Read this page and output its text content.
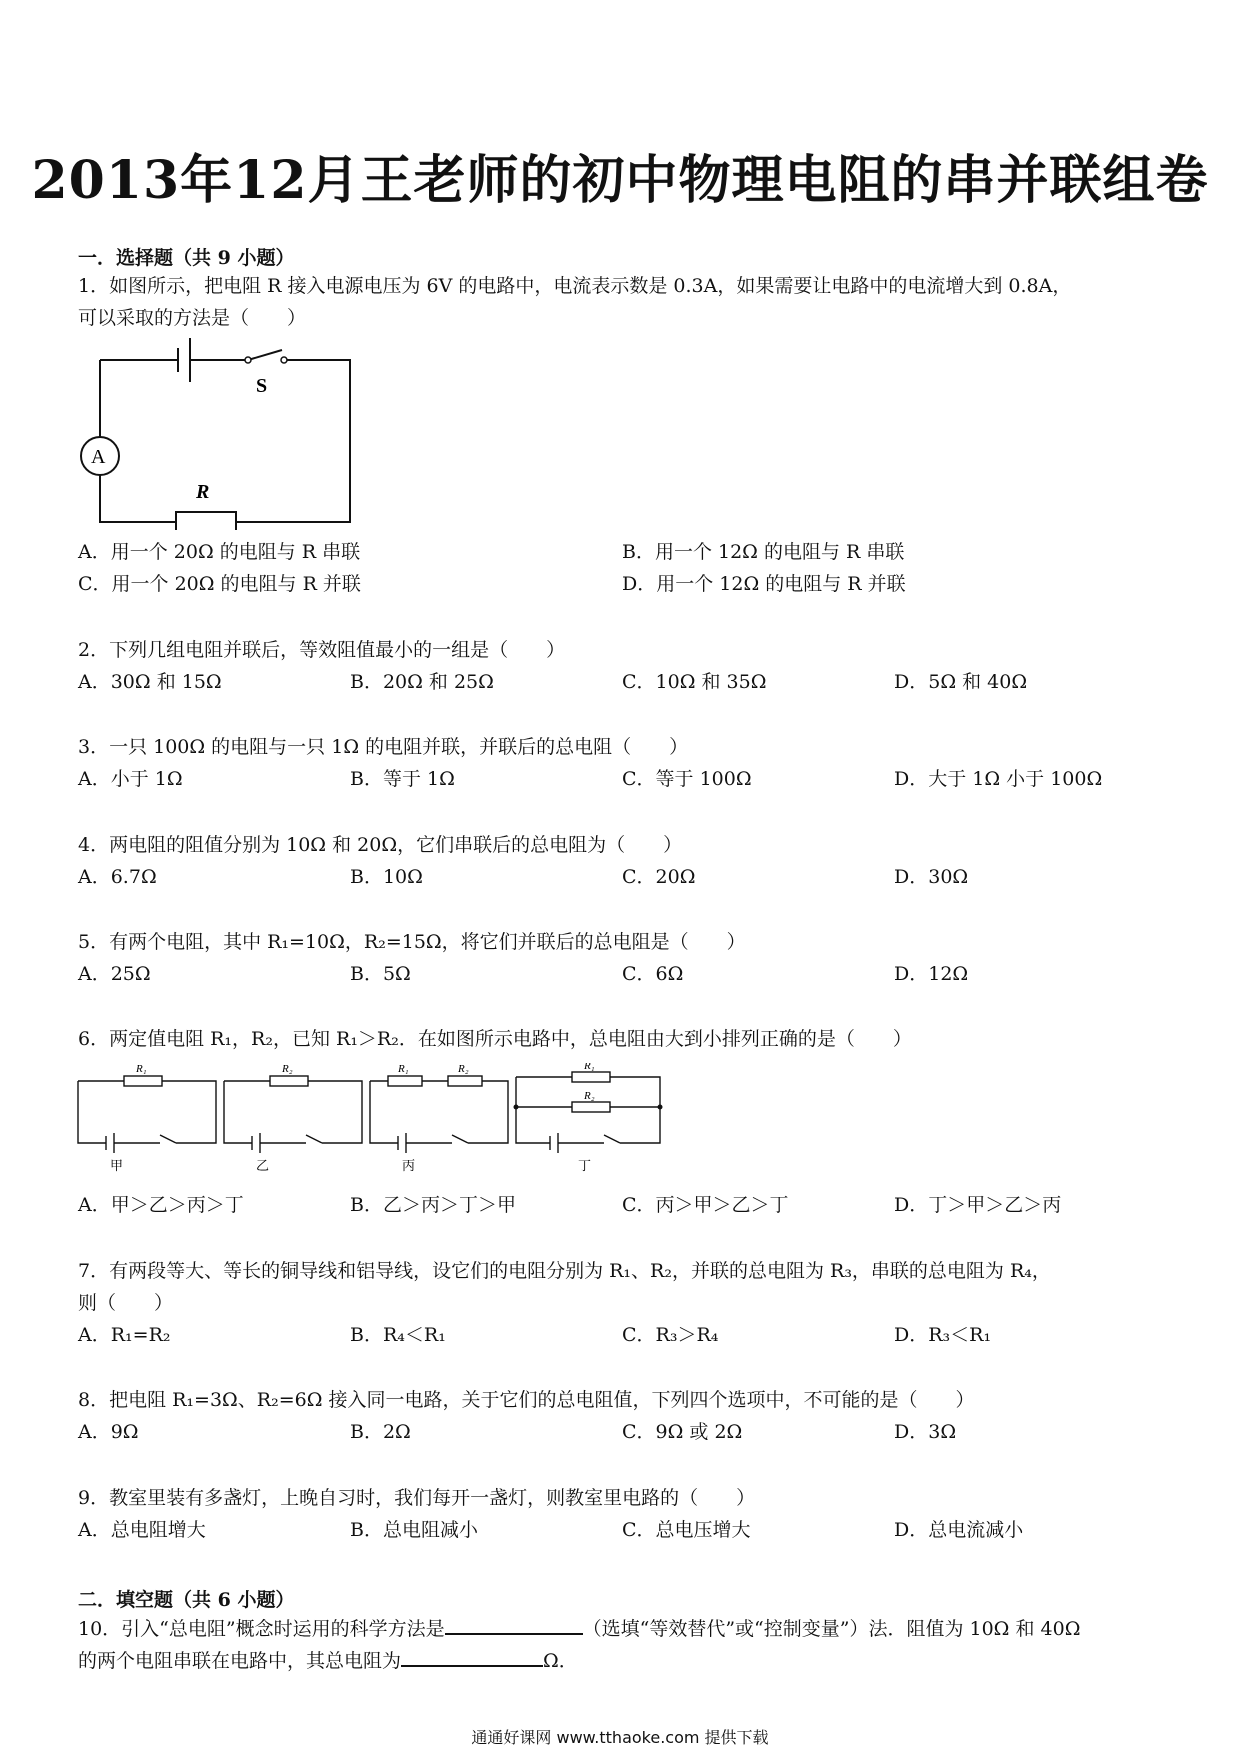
2013年12月王老师的初中物理电阻的串并联组卷
一．选择题（共 9 小题）
1．如图所示，把电阻 R 接入电源电压为 6V 的电路中，电流表示数是 0.3A，如果需要让电路中的电流增大到 0.8A，
可以采取的方法是（　　）
S
A
R
A．用一个 20Ω 的电阻与 R 串联	B．用一个 12Ω 的电阻与 R 串联
C．用一个 20Ω 的电阻与 R 并联	D．用一个 12Ω 的电阻与 R 并联
2．下列几组电阻并联后，等效阻值最小的一组是（　　）
A．30Ω 和 15Ω	B．20Ω 和 25Ω	C．10Ω 和 35Ω	D．5Ω 和 40Ω
3．一只 100Ω 的电阻与一只 1Ω 的电阻并联，并联后的总电阻（　　）
A．小于 1Ω	B．等于 1Ω	C．等于 100Ω	D．大于 1Ω 小于 100Ω
4．两电阻的阻值分别为 10Ω 和 20Ω，它们串联后的总电阻为（　　）
A．6.7Ω	B．10Ω	C．20Ω	D．30Ω
5．有两个电阻，其中 R₁=10Ω，R₂=15Ω，将它们并联后的总电阻是（　　）
A．25Ω	B．5Ω	C．6Ω	D．12Ω
6．两定值电阻 R₁，R₂，已知 R₁＞R₂．在如图所示电路中，总电阻由大到小排列正确的是（　　）
R₁	R₂	R₁	R₂	R₁
R₂
甲	乙	丙	丁
A．甲＞乙＞丙＞丁	B．乙＞丙＞丁＞甲	C．丙＞甲＞乙＞丁	D．丁＞甲＞乙＞丙
7．有两段等大、等长的铜导线和铝导线，设它们的电阻分别为 R₁、R₂，并联的总电阻为 R₃，串联的总电阻为 R₄，
则（　　）
A．R₁=R₂	B．R₄＜R₁	C．R₃＞R₄	D．R₃＜R₁
8．把电阻 R₁=3Ω、R₂=6Ω 接入同一电路，关于它们的总电阻值，下列四个选项中，不可能的是（　　）
A．9Ω	B．2Ω	C．9Ω 或 2Ω	D．3Ω
9．教室里装有多盏灯，上晚自习时，我们每开一盏灯，则教室里电路的（　　）
A．总电阻增大	B．总电阻减小	C．总电压增大	D．总电流减小
二．填空题（共 6 小题）
10．引入“总电阻”概念时运用的科学方法是	（选填“等效替代”或“控制变量”）法．阻值为 10Ω 和 40Ω
的两个电阻串联在电路中，其总电阻为	Ω．
通通好课网 www.tthaoke.com 提供下载
